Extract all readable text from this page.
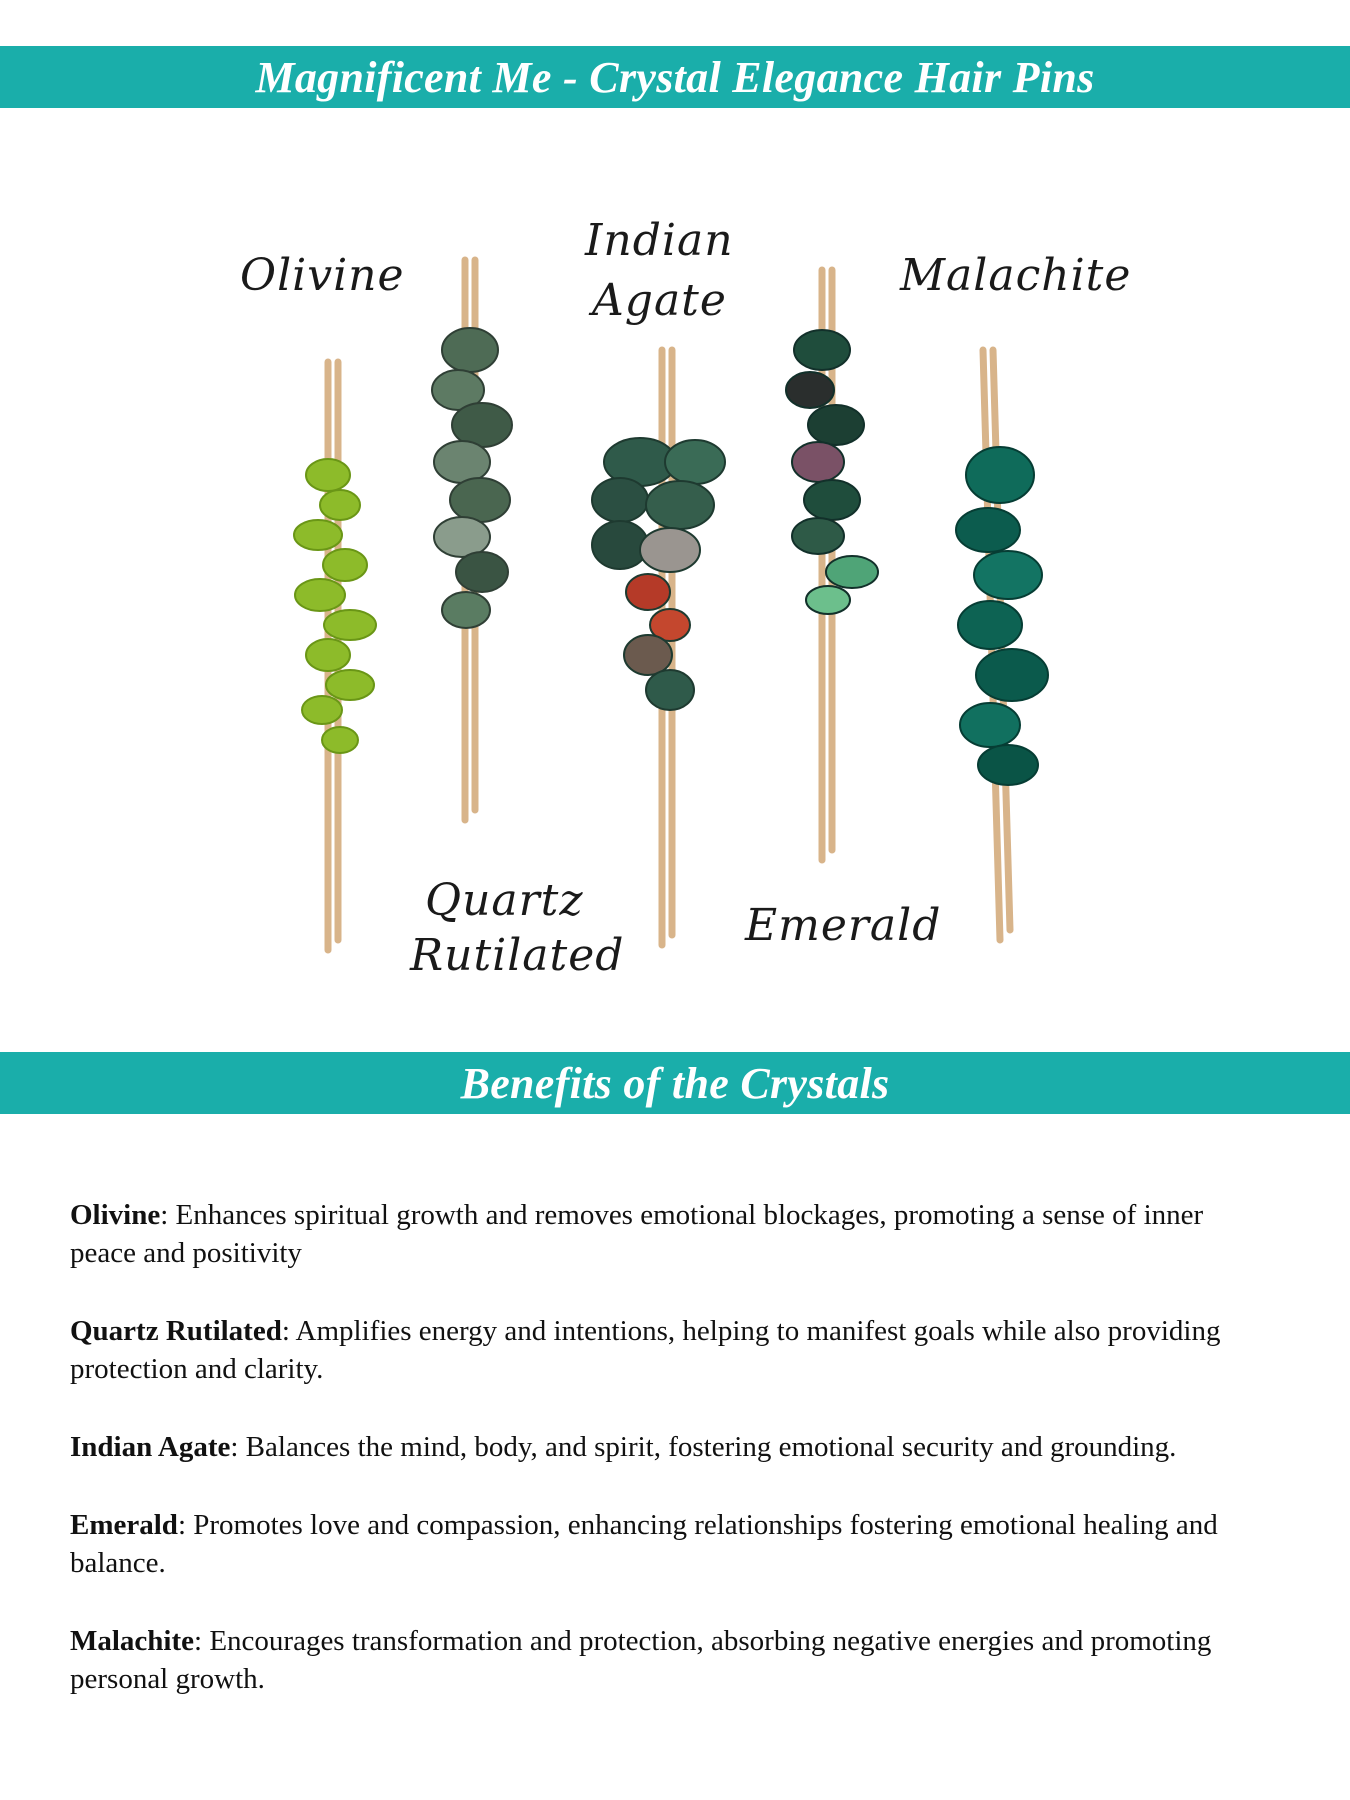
Magnificent Me - Crystal Elegance Hair Pins
Olivine
Indian
Agate	Malachite
Quartz
Rutilated
Emerald
Benefits of the Crystals

Olivine: Enhances spiritual growth and removes emotional blockages, promoting a sense of inner peace and positivity

Quartz Rutilated: Amplifies energy and intentions, helping to manifest goals while also providing protection and clarity.

Indian Agate: Balances the mind, body, and spirit, fostering emotional security and grounding.

Emerald: Promotes love and compassion, enhancing relationships fostering emotional healing and balance.

Malachite: Encourages transformation and protection, absorbing negative energies and promoting personal growth.
